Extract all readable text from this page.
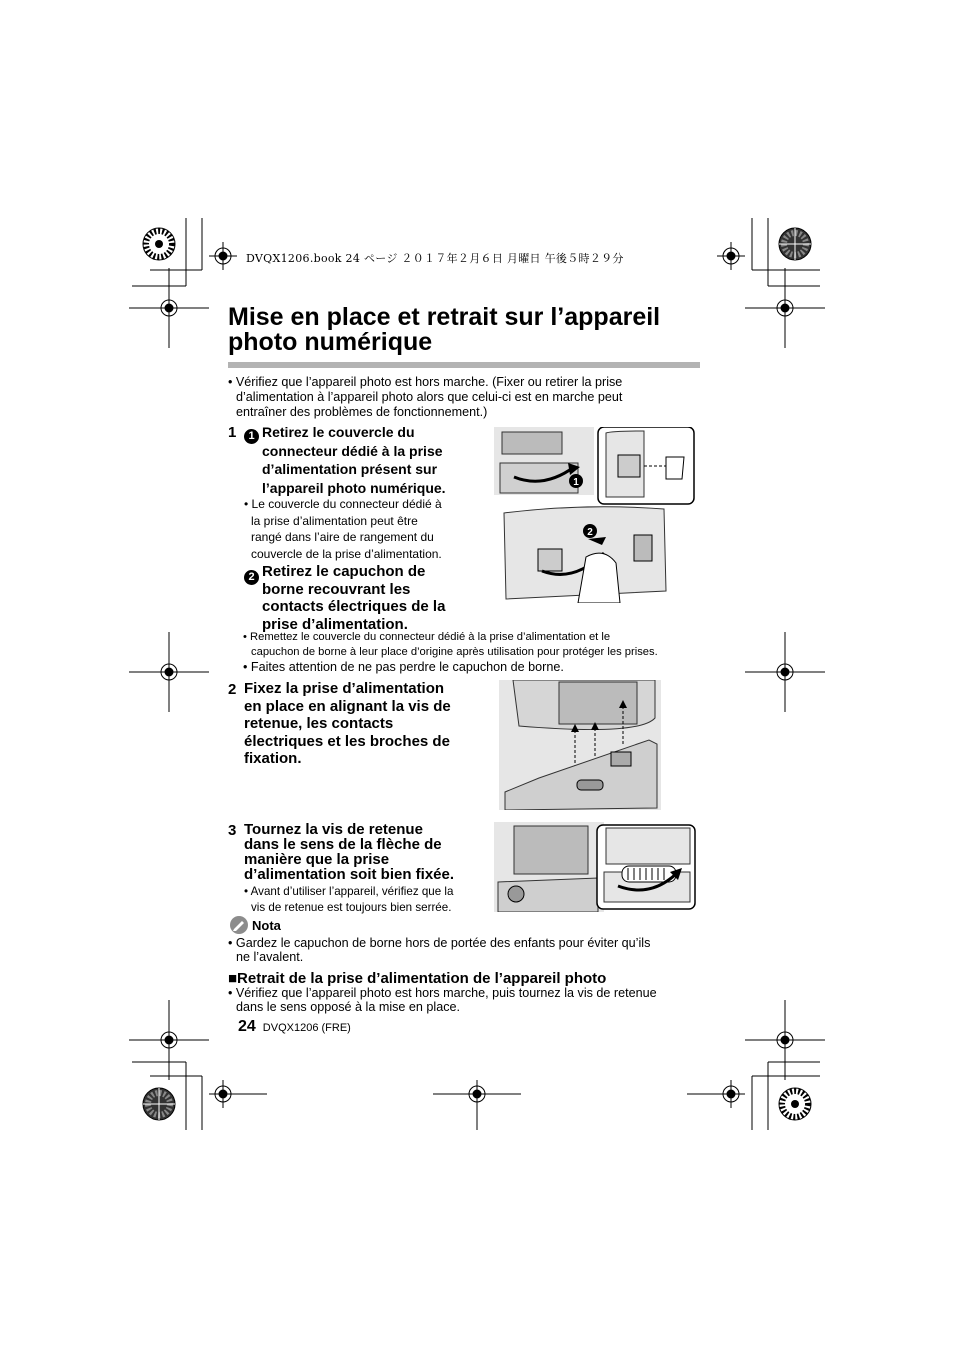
DVQX1206.book 24 ページ ２０１７年２月６日 月曜日 午後５時２９分
Mise en place et retrait sur l’appareil
photo numérique
• Vérifiez que l’appareil photo est hors marche. (Fixer ou retirer la prise
d’alimentation à l’appareil photo alors que celui-ci est en marche peut
entraîner des problèmes de fonctionnement.)
1	1 Retirez le couvercle du
connecteur dédié à la prise
d’alimentation présent sur
l’appareil photo numérique.
• Le couvercle du connecteur dédié à
la prise d’alimentation peut être
rangé dans l’aire de rangement du
couvercle de la prise d’alimentation.
2 Retirez le capuchon de
borne recouvrant les
contacts électriques de la
prise d’alimentation.
• Remettez le couvercle du connecteur dédié à la prise d’alimentation et le
capuchon de borne à leur place d’origine après utilisation pour protéger les prises.
• Faites attention de ne pas perdre le capuchon de borne.
1
2
2 Fixez la prise d’alimentation
en place en alignant la vis de
retenue, les contacts
électriques et les broches de
fixation.
3 Tournez la vis de retenue
dans le sens de la flèche de
manière que la prise
d’alimentation soit bien fixée.
• Avant d’utiliser l’appareil, vérifiez que la
vis de retenue est toujours bien serrée.
Nota
• Gardez le capuchon de borne hors de portée des enfants pour éviter qu’ils
ne l’avalent.
■Retrait de la prise d’alimentation de l’appareil photo
• Vérifiez que l’appareil photo est hors marche, puis tournez la vis de retenue
dans le sens opposé à la mise en place.
24 DVQX1206 (FRE)
